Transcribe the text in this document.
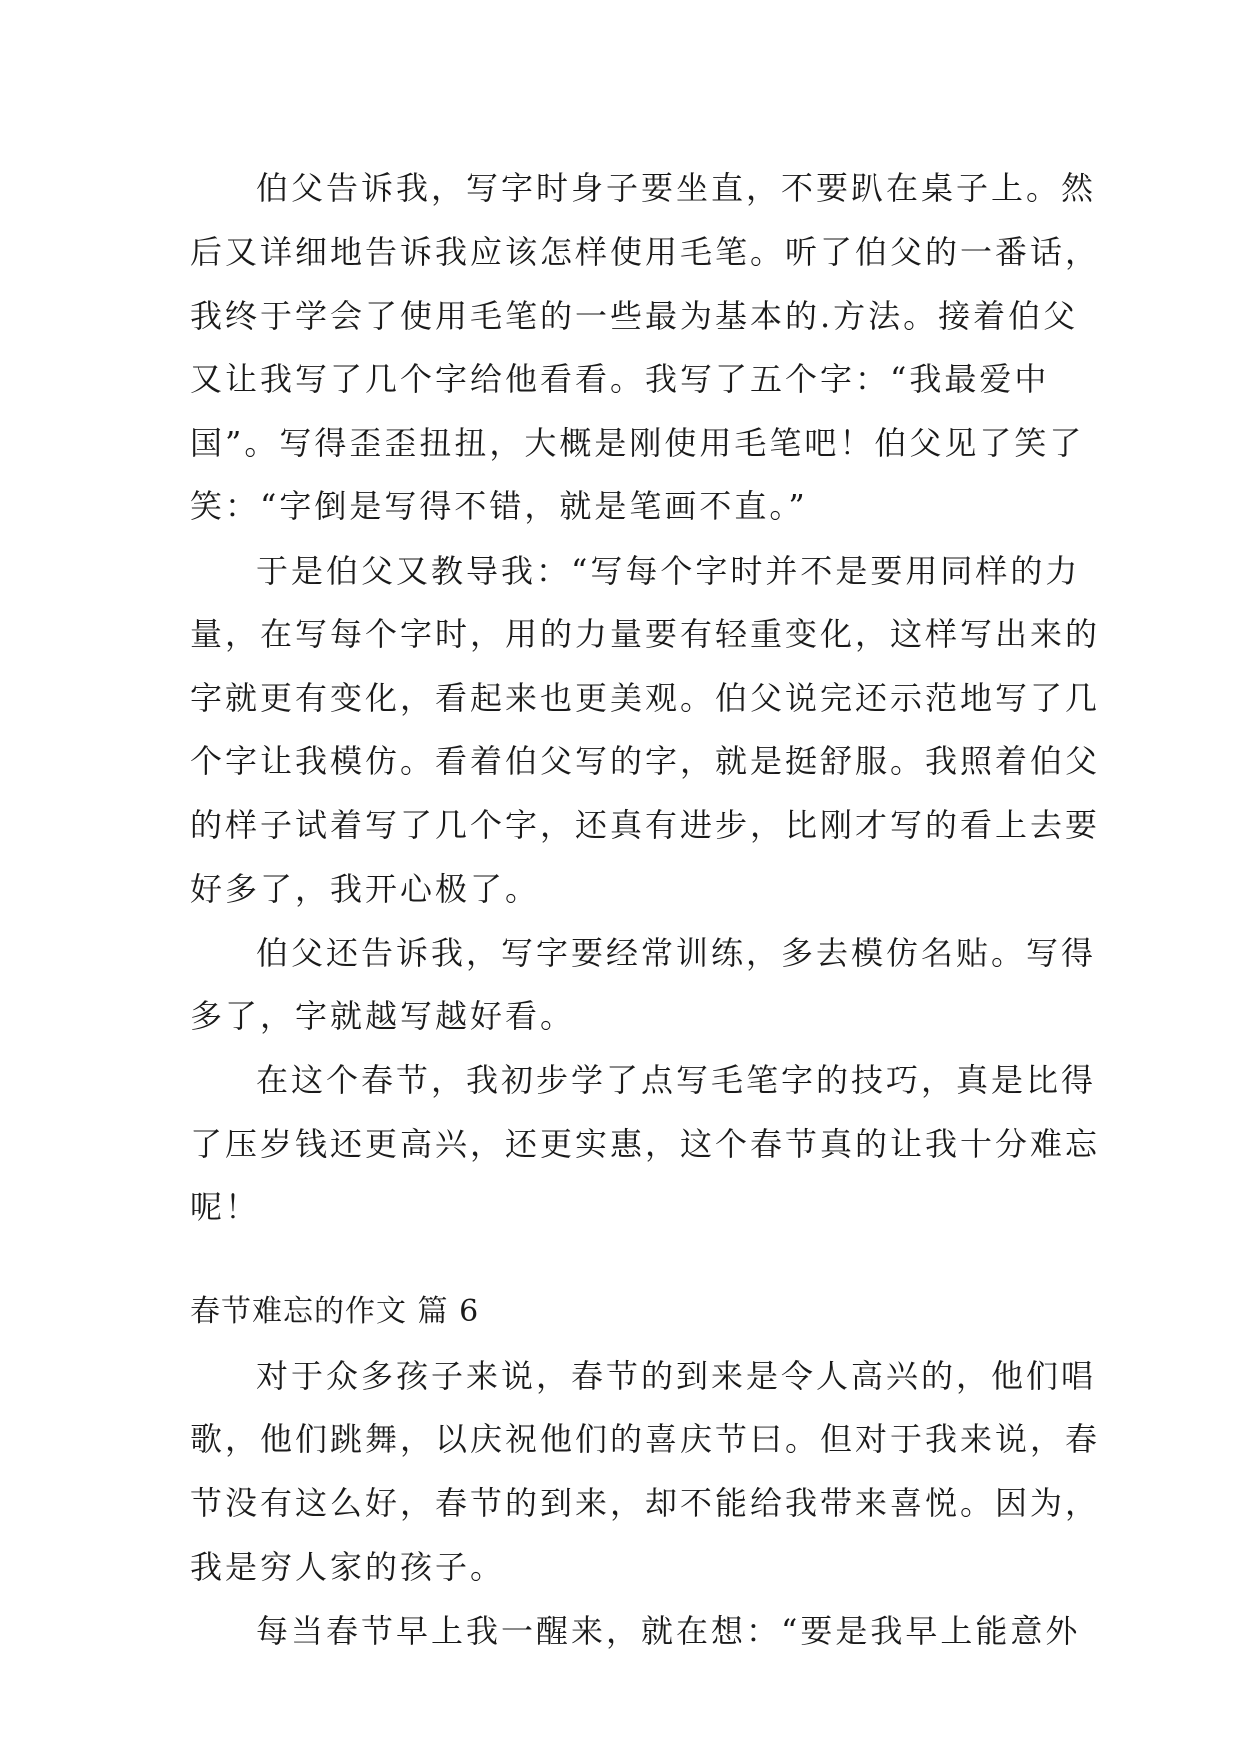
伯父告诉我，写字时身子要坐直，不要趴在桌子上。然
后又详细地告诉我应该怎样使用毛笔。听了伯父的一番话，
我终于学会了使用毛笔的一些最为基本的.方法。接着伯父
又让我写了几个字给他看看。我写了五个字：“我最爱中
国”。写得歪歪扭扭，大概是刚使用毛笔吧！伯父见了笑了
笑：“字倒是写得不错，就是笔画不直。”
于是伯父又教导我：“写每个字时并不是要用同样的力
量，在写每个字时，用的力量要有轻重变化，这样写出来的
字就更有变化，看起来也更美观。伯父说完还示范地写了几
个字让我模仿。看着伯父写的字，就是挺舒服。我照着伯父
的样子试着写了几个字，还真有进步，比刚才写的看上去要
好多了，我开心极了。
伯父还告诉我，写字要经常训练，多去模仿名贴。写得
多了，字就越写越好看。
在这个春节，我初步学了点写毛笔字的技巧，真是比得
了压岁钱还更高兴，还更实惠，这个春节真的让我十分难忘
呢！
春节难忘的作文 篇 6
对于众多孩子来说，春节的到来是令人高兴的，他们唱
歌，他们跳舞，以庆祝他们的喜庆节曰。但对于我来说，春
节没有这么好，春节的到来，却不能给我带来喜悦。因为，
我是穷人家的孩子。
每当春节早上我一醒来，就在想：“要是我早上能意外
